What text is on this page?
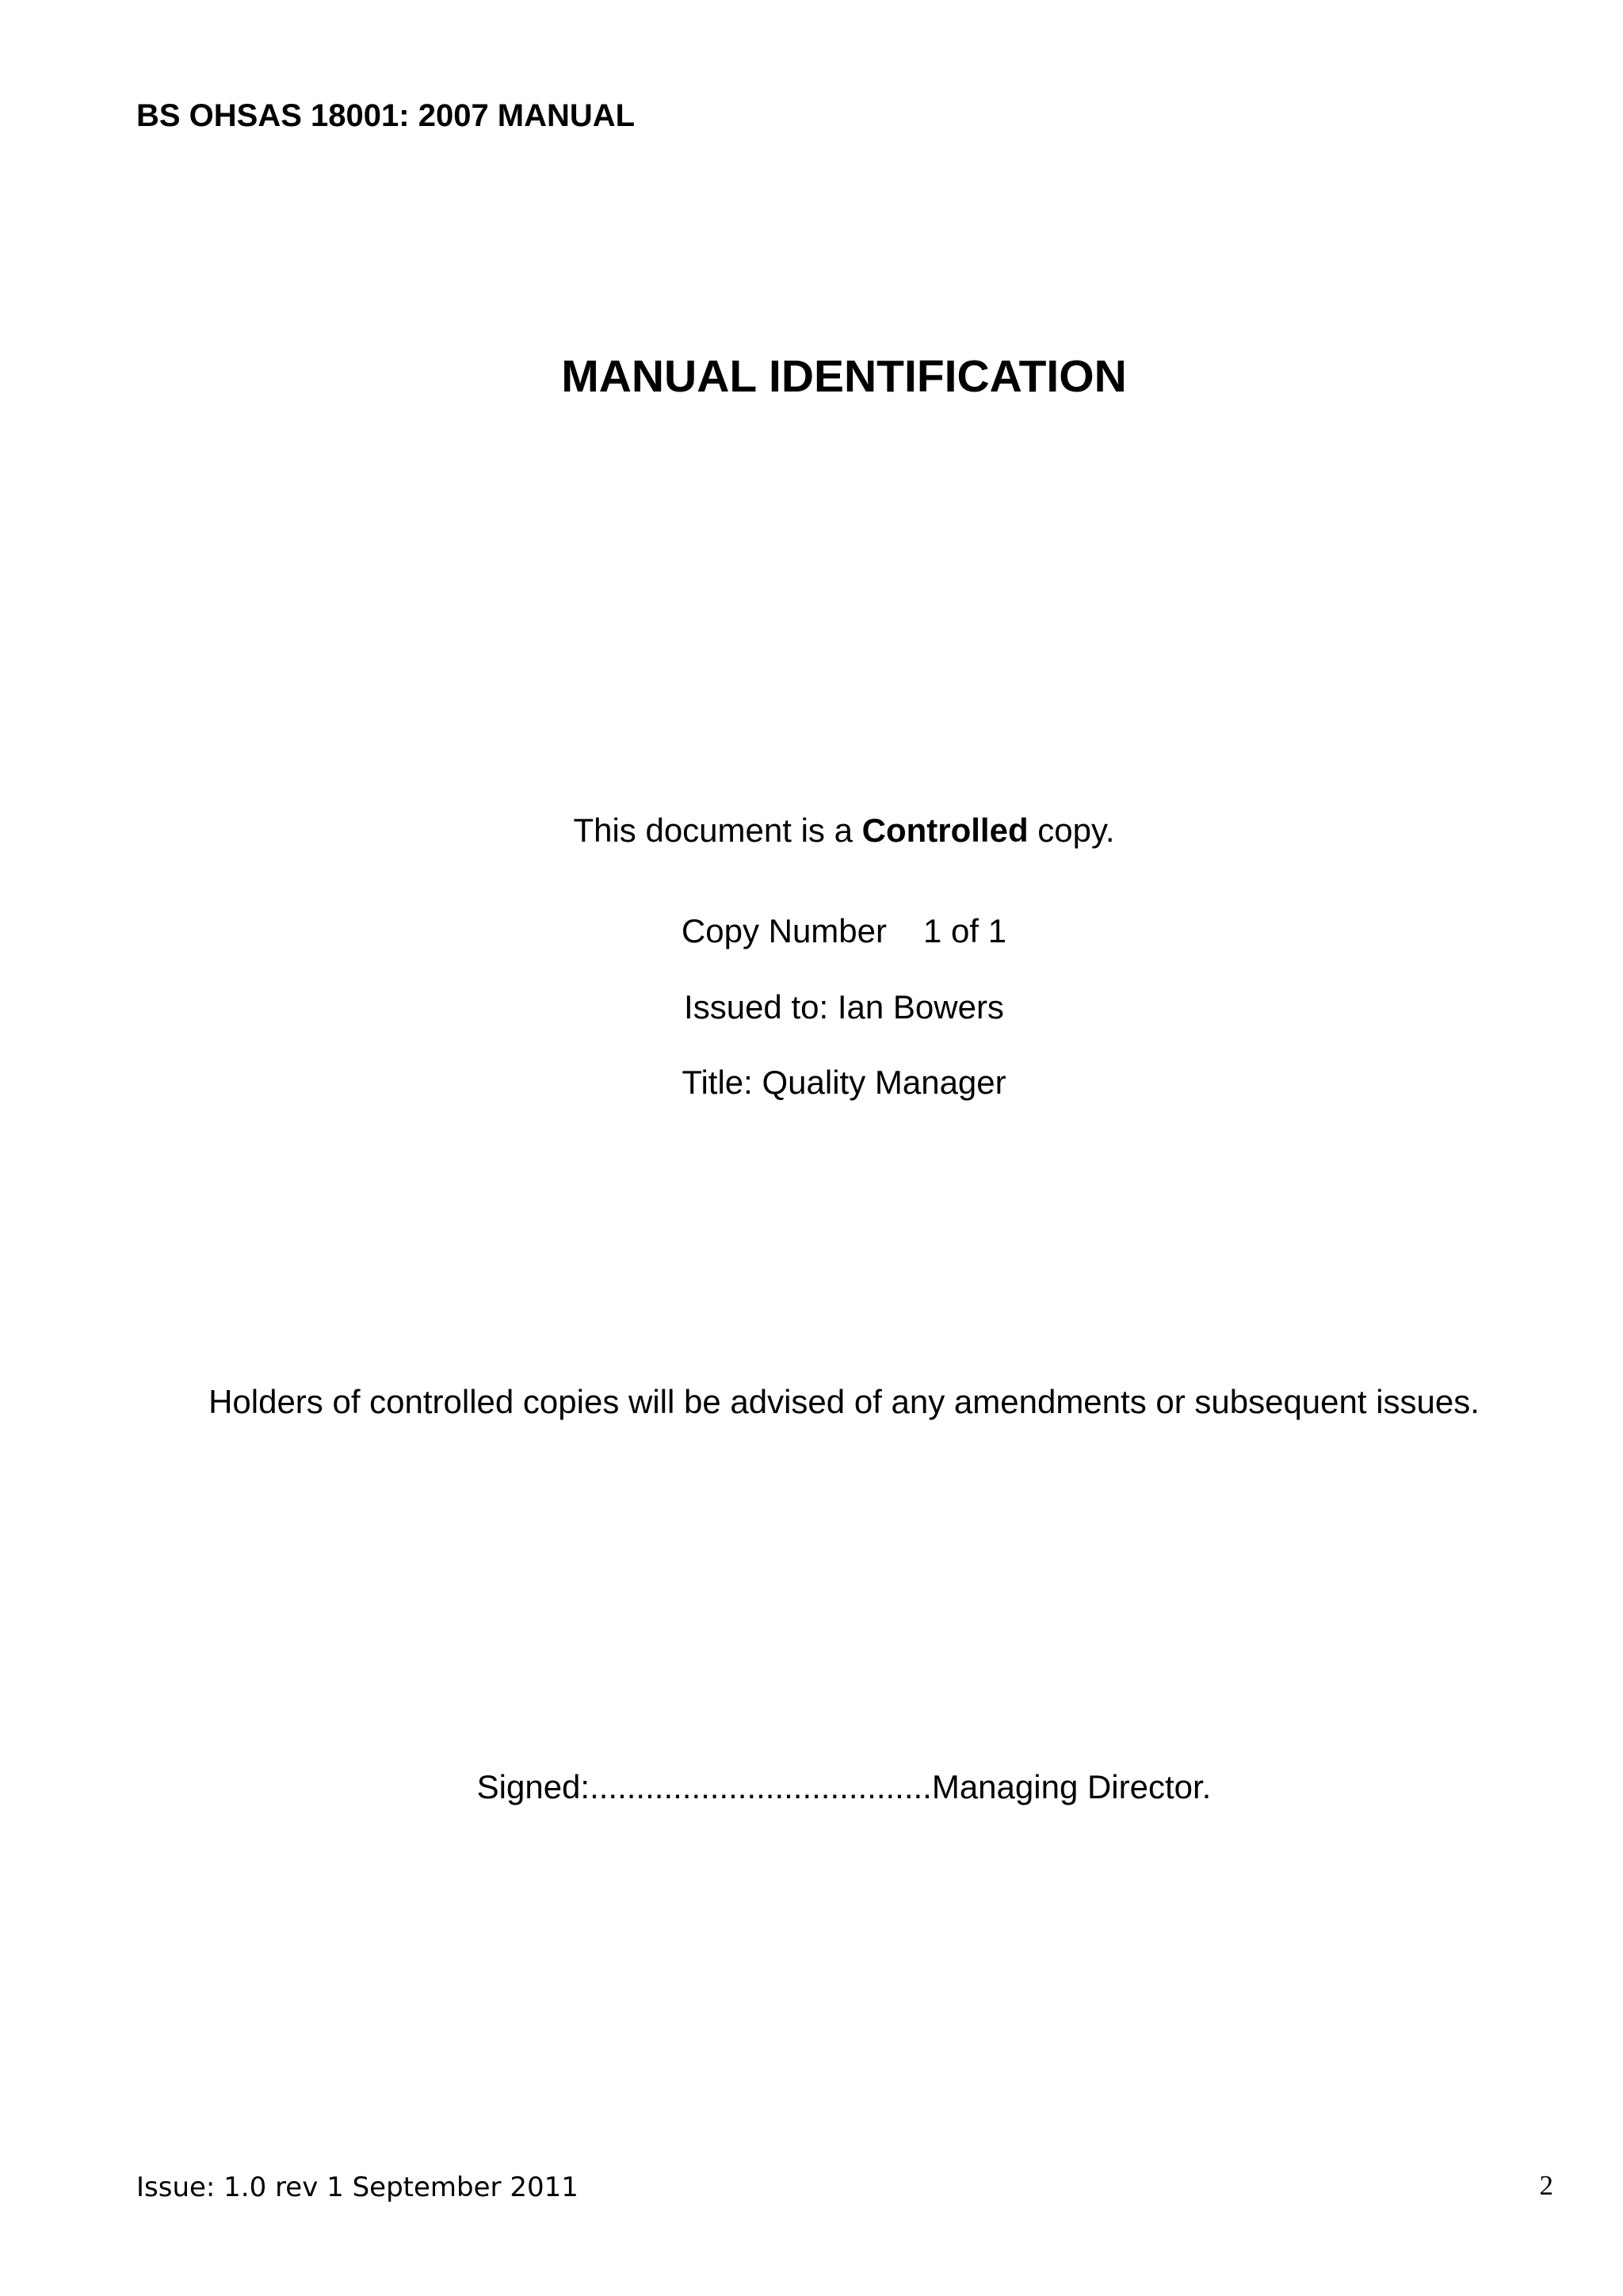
BS OHSAS 18001: 2007 MANUAL
MANUAL IDENTIFICATION
This document is a Controlled copy.
Copy Number 1 of 1
Issued to: Ian Bowers
Title: Quality Manager
Holders of controlled copies will be advised of any amendments or subsequent issues.
Signed:.....................................Managing Director.
Issue: 1.0 rev 1 September 2011	2
